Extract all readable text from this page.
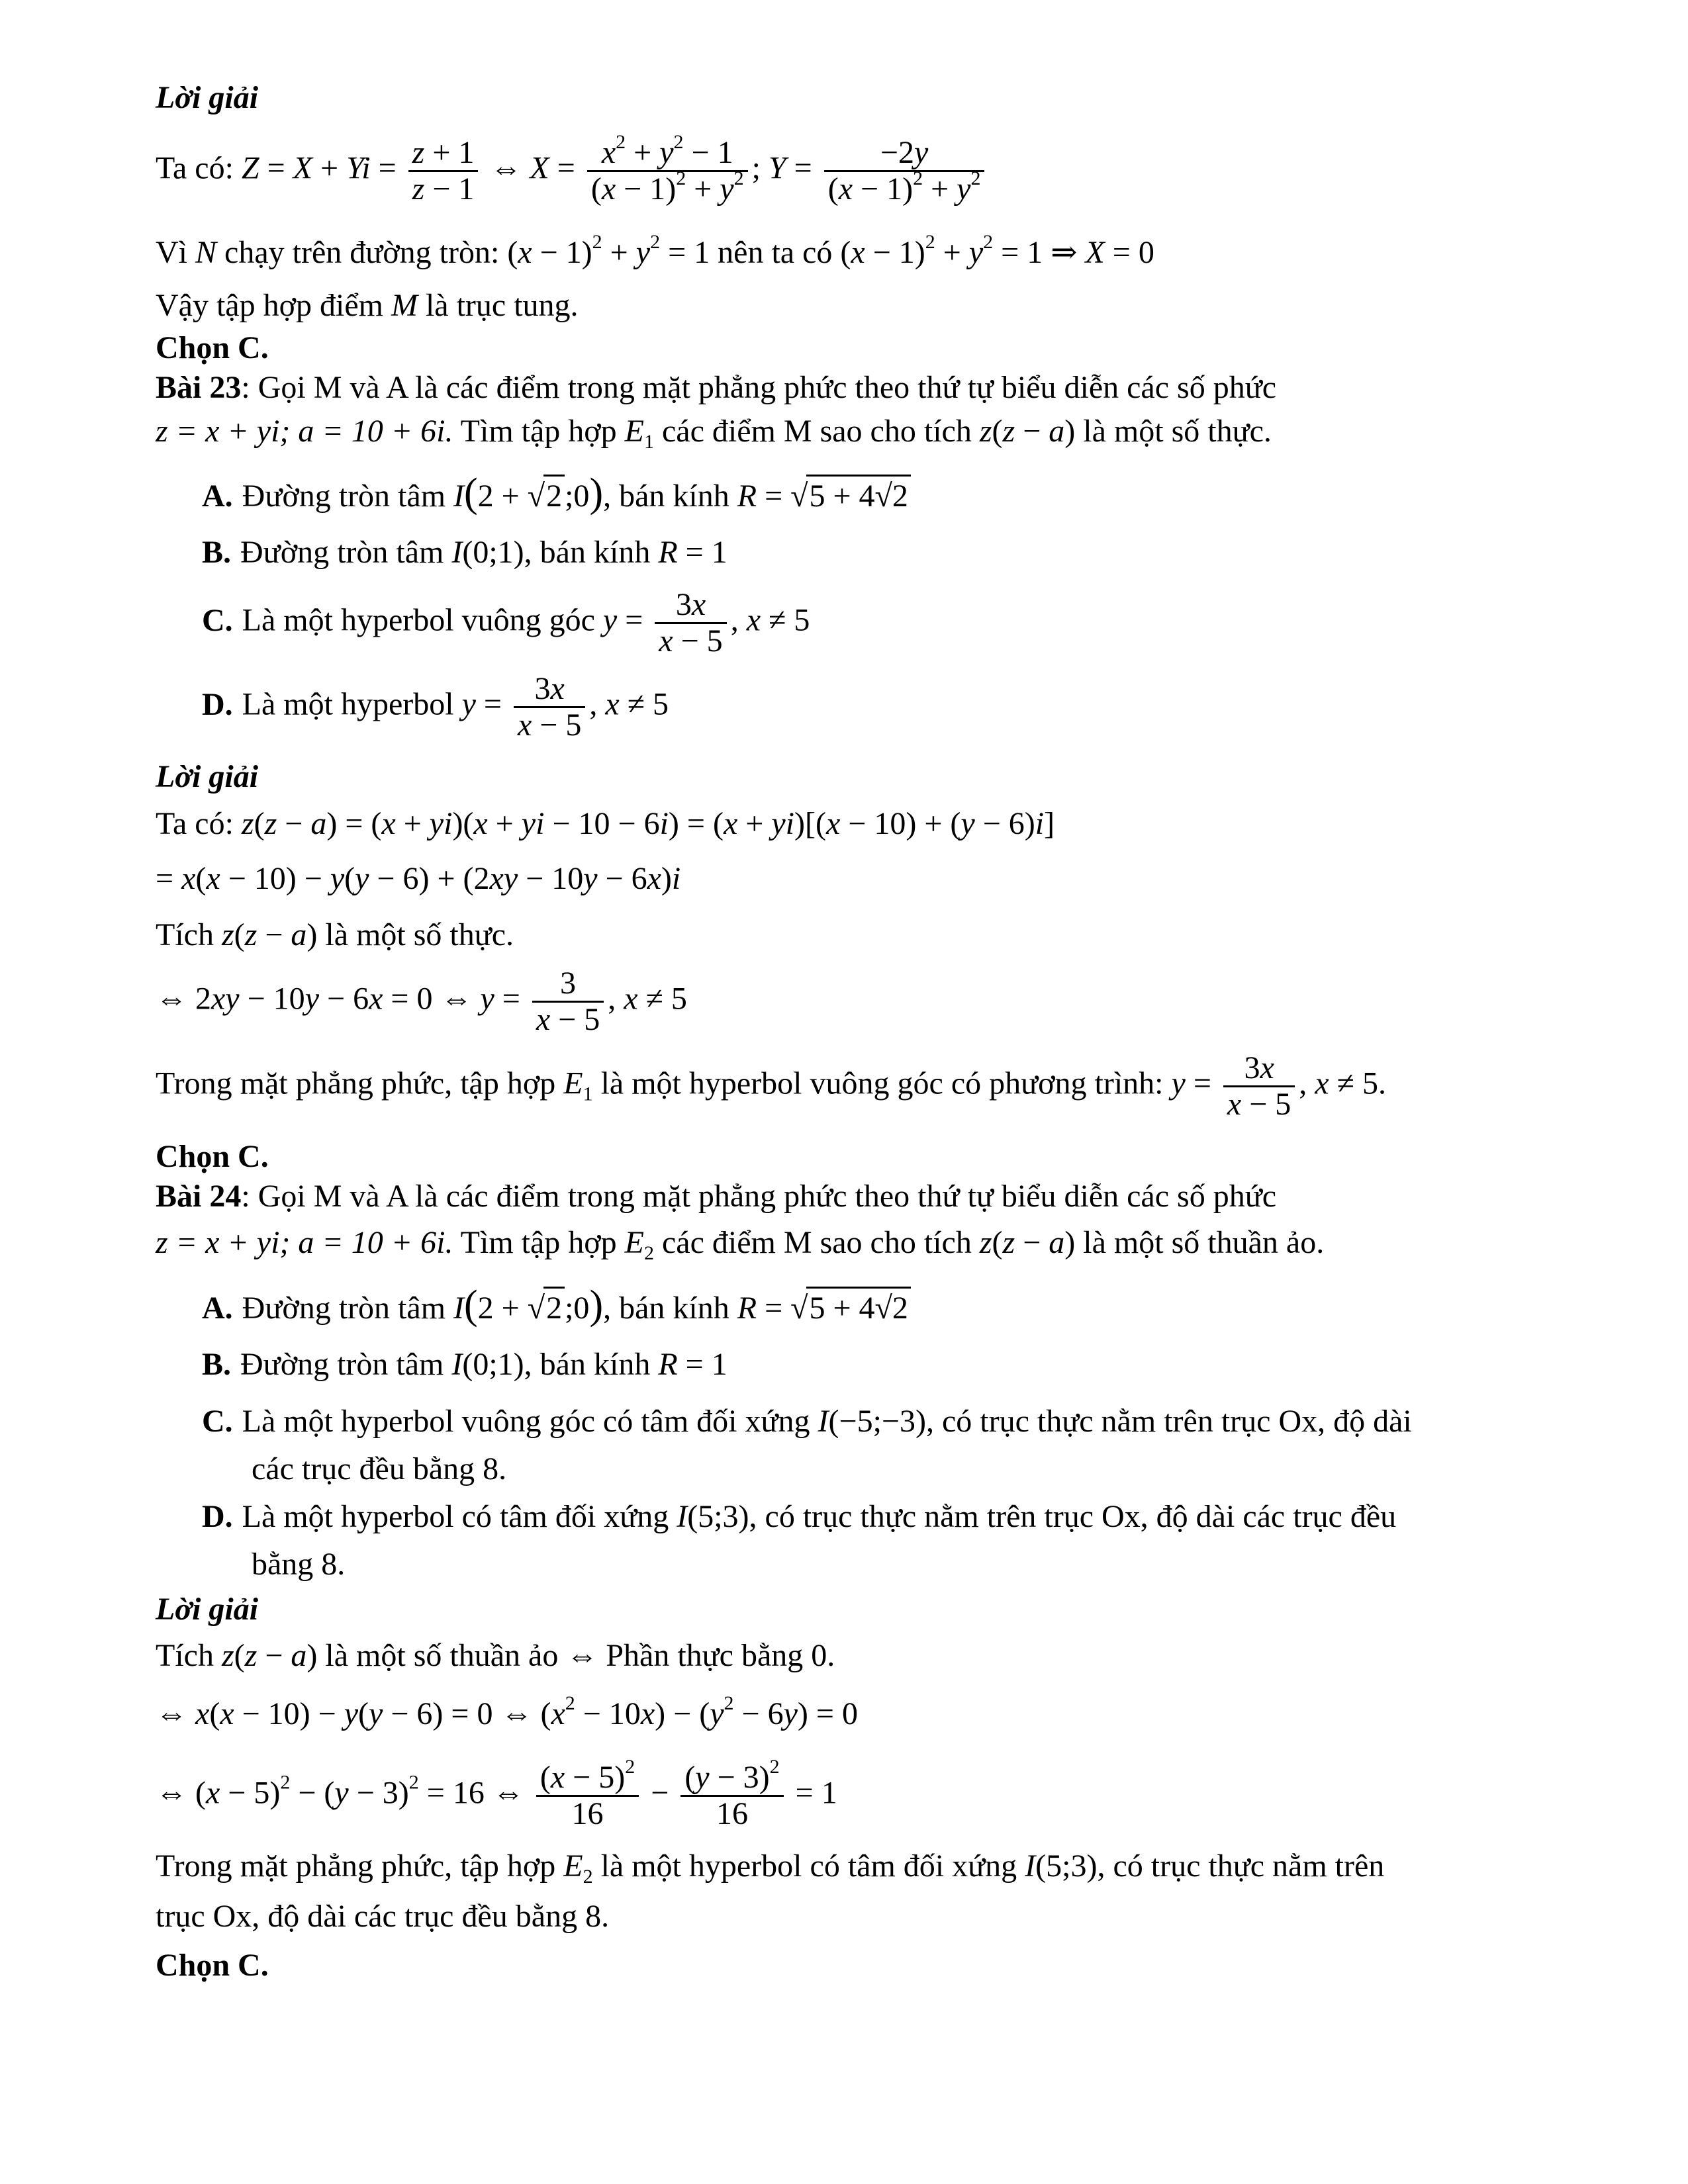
Lời giải
Ta có: $Z = X + Yi = \frac{z + 1}{z - 1}$ ⇔ $X = \frac{x^2 + y^2 - 1}{(x - 1)^2 + y^2}$ ; $Y = \frac{-2y}{(x - 1)^2 + y^2}$
Vì N chạy trên đường tròn: $(x - 1)^2 + y^2 = 1$ nên ta có $(x - 1)^2 + y^2 = 1$ ⇒ X = 0
Vậy tập hợp điểm M là trục tung.
Chọn C.
Bài 23: Gọi M và A là các điểm trong mặt phẳng phức theo thứ tự biểu diễn các số phức
z = x + yi; a = 10 + 6i. Tìm tập hợp $E_1$ các điểm M sao cho tích z(z − a) là một số thực.
A. Đường tròn tâm I(2 + √2;0), bán kính R = √5 + 4√2
B. Đường tròn tâm I(0;1), bán kính R = 1
C. Là một hyperbol vuông góc $y = \frac{3x}{x - 5}$ , x ≠ 5
D. Là một hyperbol $y = \frac{3x}{x - 5}$ , x ≠ 5
Lời giải
Ta có: z(z − a) = (x + yi)(x + yi − 10 − 6i) = (x + yi)[(x − 10) + (y − 6)i]
= x(x − 10) − y(y − 6) + (2xy − 10y − 6x)i
Tích z(z − a) là một số thực.
⇔ 2xy − 10y − 6x = 0 ⇔ $y = \frac{3}{x - 5}$ , x ≠ 5
Trong mặt phẳng phức, tập hợp $E_1$ là một hyperbol vuông góc có phương trình: $y = \frac{3x}{x - 5}$ , x ≠ 5.
Chọn C.
Bài 24: Gọi M và A là các điểm trong mặt phẳng phức theo thứ tự biểu diễn các số phức
z = x + yi; a = 10 + 6i. Tìm tập hợp $E_2$ các điểm M sao cho tích z(z − a) là một số thuần ảo.
A. Đường tròn tâm I(2 + √2;0), bán kính R = √5 + 4√2
B. Đường tròn tâm I(0;1), bán kính R = 1
C. Là một hyperbol vuông góc có tâm đối xứng I(−5;−3), có trục thực nằm trên trục Ox, độ dài
các trục đều bằng 8.
D. Là một hyperbol có tâm đối xứng I(5;3), có trục thực nằm trên trục Ox, độ dài các trục đều
bằng 8.
Lời giải
Tích z(z − a) là một số thuần ảo ⇔ Phần thực bằng 0.
⇔ x(x − 10) − y(y − 6) = 0 ⇔ $(x^2 - 10x) - (y^2 - 6y) = 0$
⇔ $(x - 5)^2 - (y - 3)^2 = 16$ ⇔ $\frac{(x - 5)^2}{16} - \frac{(y - 3)^2}{16} = 1$
Trong mặt phẳng phức, tập hợp $E_2$ là một hyperbol có tâm đối xứng I(5;3), có trục thực nằm trên
trục Ox, độ dài các trục đều bằng 8.
Chọn C.
